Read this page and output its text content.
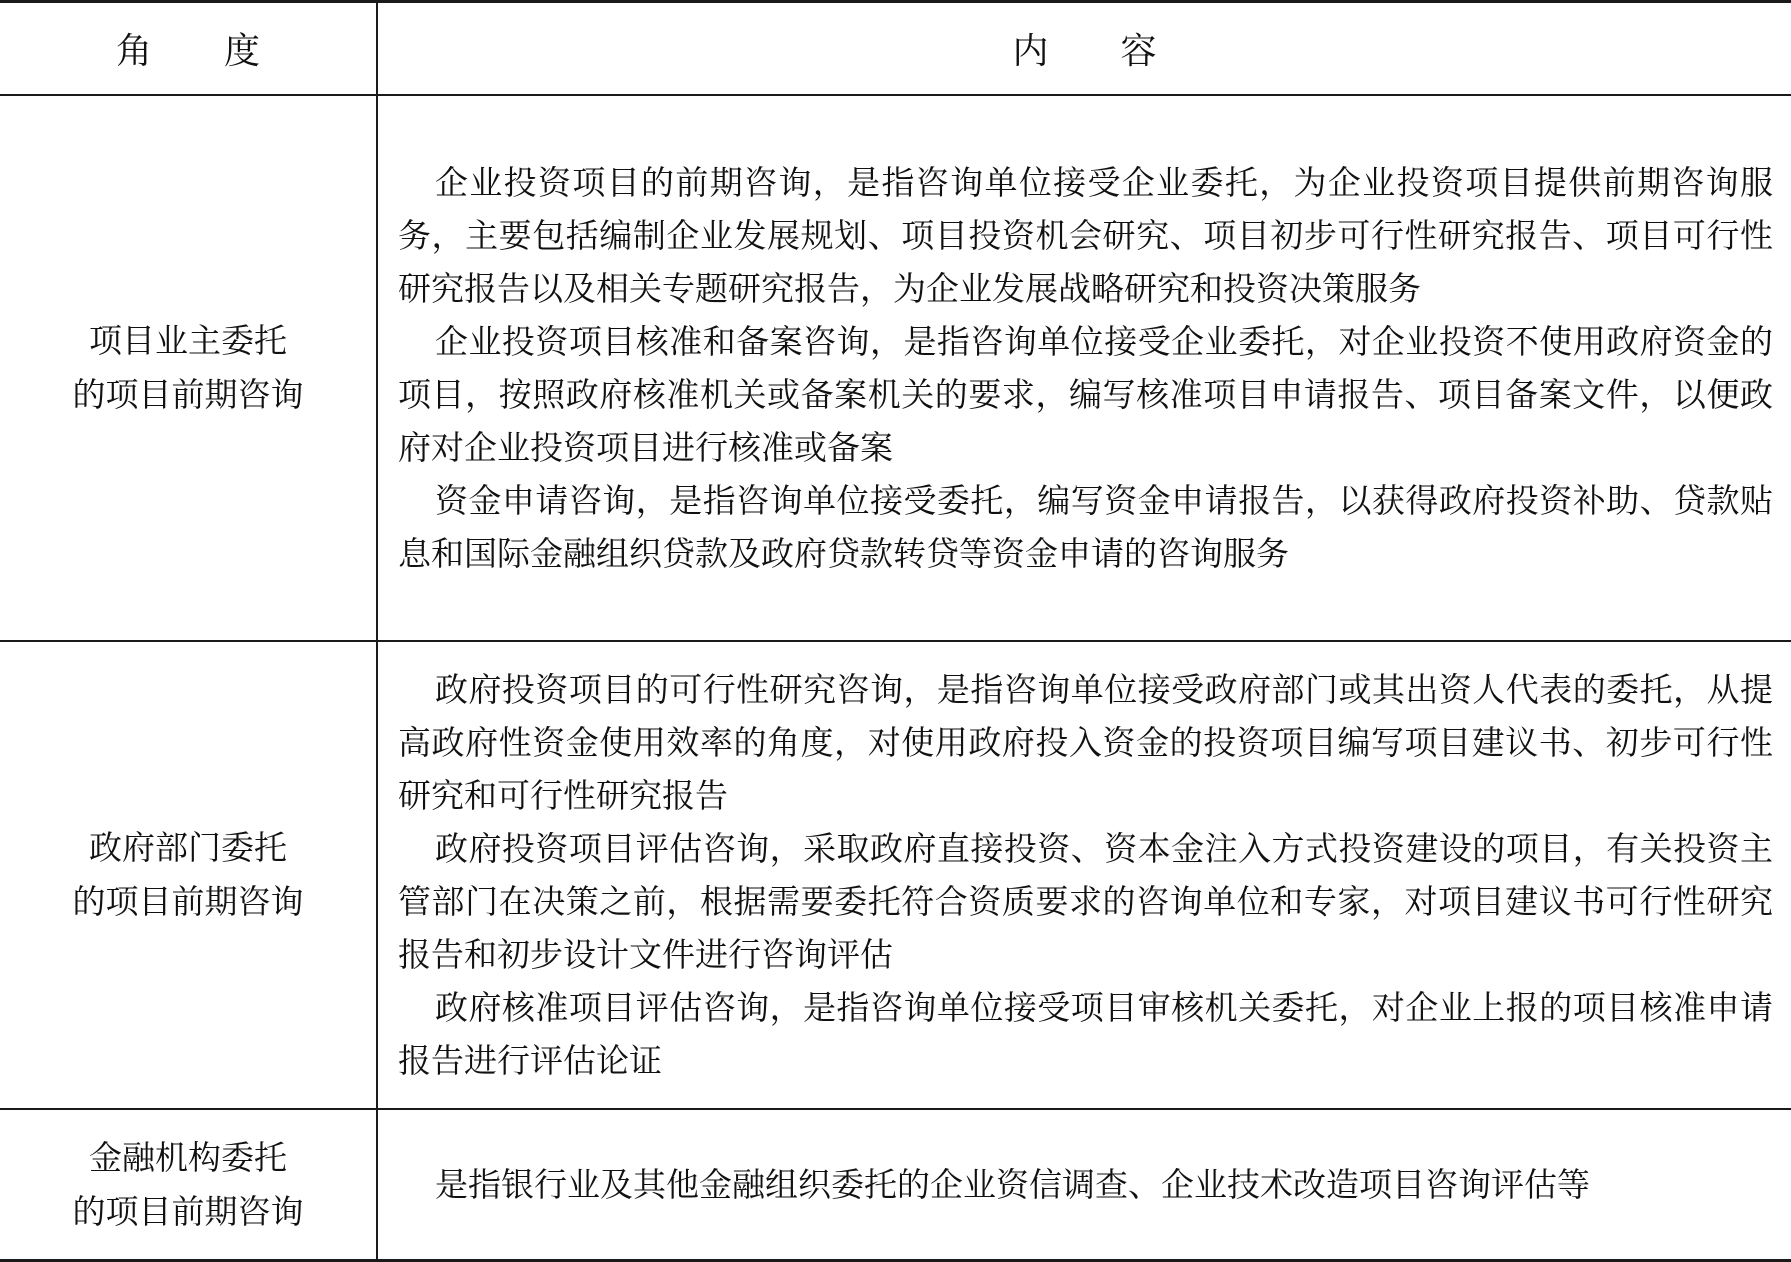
角度	内容
项目业主委托
的项目前期咨询

企业投资项目的前期咨询，是指咨询单位接受企业委托，为企业投资项目提供前期咨询服务，主要包括编制企业发展规划、项目投资机会研究、项目初步可行性研究报告、项目可行性研究报告以及相关专题研究报告，为企业发展战略研究和投资决策服务

企业投资项目核准和备案咨询，是指咨询单位接受企业委托，对企业投资不使用政府资金的项目，按照政府核准机关或备案机关的要求，编写核准项目申请报告、项目备案文件，以便政府对企业投资项目进行核准或备案

资金申请咨询，是指咨询单位接受委托，编写资金申请报告，以获得政府投资补助、贷款贴息和国际金融组织贷款及政府贷款转贷等资金申请的咨询服务

政府部门委托
的项目前期咨询

政府投资项目的可行性研究咨询，是指咨询单位接受政府部门或其出资人代表的委托，从提高政府性资金使用效率的角度，对使用政府投入资金的投资项目编写项目建议书、初步可行性研究和可行性研究报告

政府投资项目评估咨询，采取政府直接投资、资本金注入方式投资建设的项目，有关投资主管部门在决策之前，根据需要委托符合资质要求的咨询单位和专家，对项目建议书可行性研究报告和初步设计文件进行咨询评估

政府核准项目评估咨询，是指咨询单位接受项目审核机关委托，对企业上报的项目核准申请报告进行评估论证

金融机构委托
的项目前期咨询

是指银行业及其他金融组织委托的企业资信调查、企业技术改造项目咨询评估等
